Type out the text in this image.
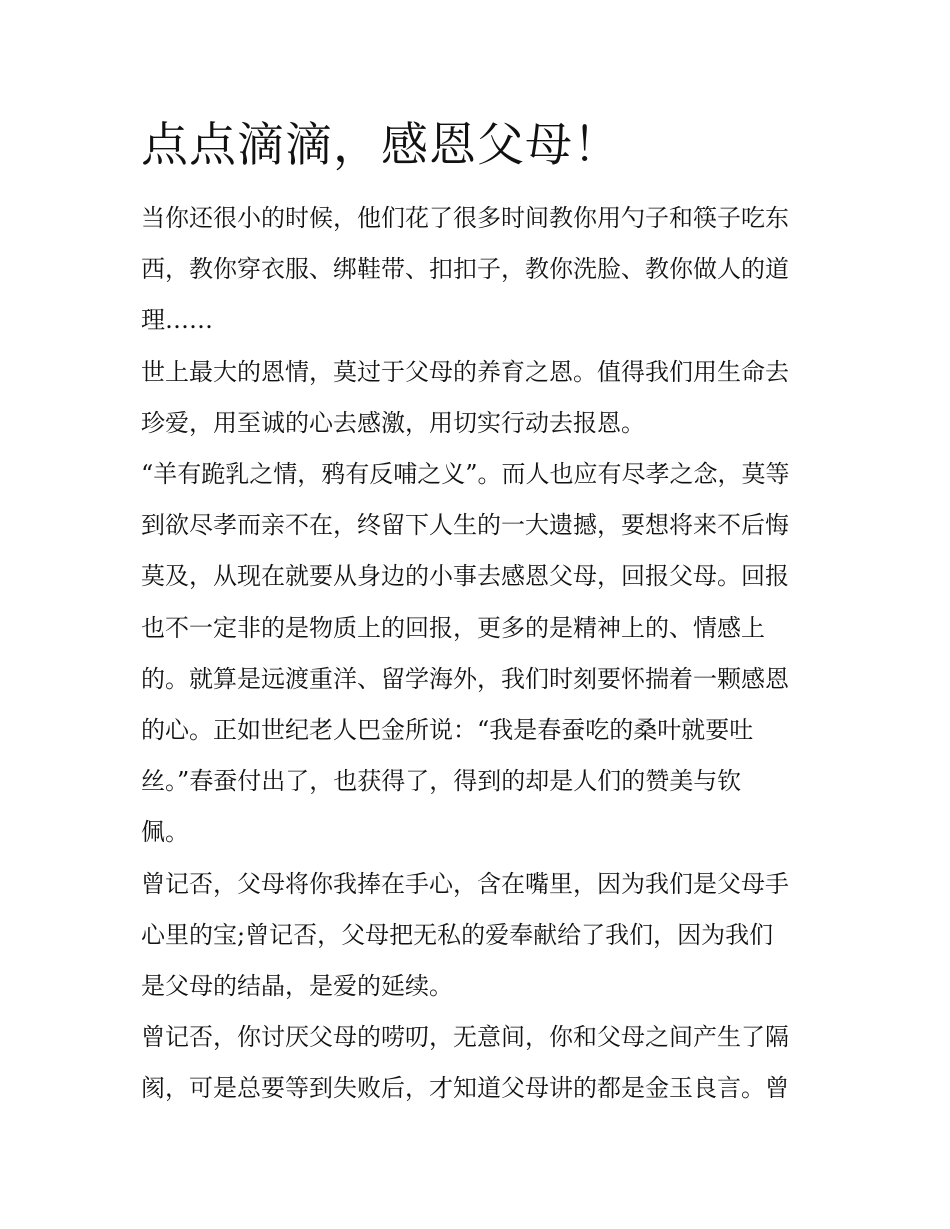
点点滴滴，感恩父母！
当你还很小的时候，他们花了很多时间教你用勺子和筷子吃东
西，教你穿衣服、绑鞋带、扣扣子，教你洗脸、教你做人的道
理……
世上最大的恩情，莫过于父母的养育之恩。值得我们用生命去
珍爱，用至诚的心去感激，用切实行动去报恩。
“羊有跪乳之情，鸦有反哺之义”。而人也应有尽孝之念，莫等
到欲尽孝而亲不在，终留下人生的一大遗撼，要想将来不后悔
莫及，从现在就要从身边的小事去感恩父母，回报父母。回报
也不一定非的是物质上的回报，更多的是精神上的、情感上
的。就算是远渡重洋、留学海外，我们时刻要怀揣着一颗感恩
的心。正如世纪老人巴金所说：“我是春蚕吃的桑叶就要吐
丝。”春蚕付出了，也获得了，得到的却是人们的赞美与钦
佩。
曾记否，父母将你我捧在手心，含在嘴里，因为我们是父母手
心里的宝;曾记否，父母把无私的爱奉献给了我们，因为我们
是父母的结晶，是爱的延续。
曾记否，你讨厌父母的唠叨，无意间，你和父母之间产生了隔
阂，可是总要等到失败后，才知道父母讲的都是金玉良言。曾
